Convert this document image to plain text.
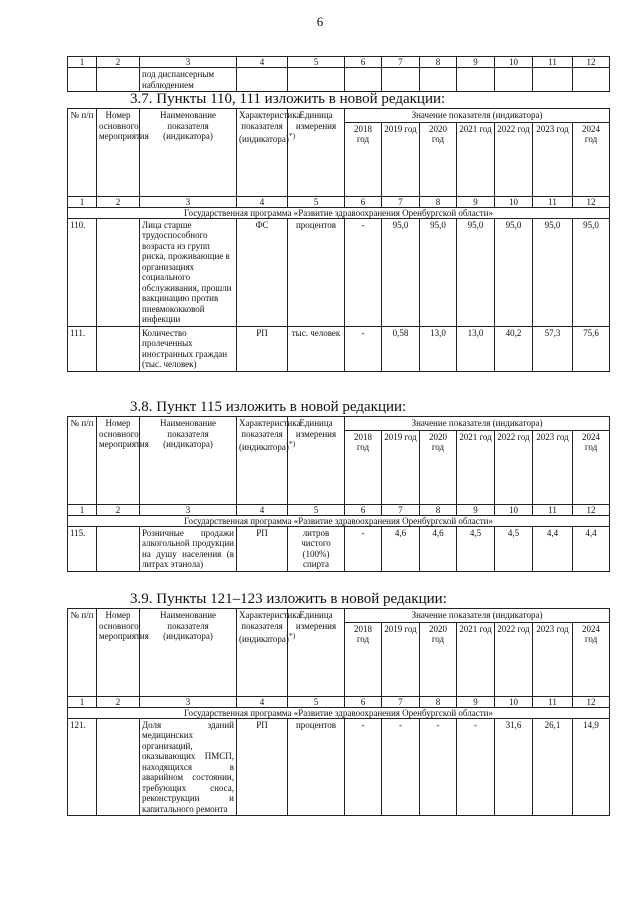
6
1	2	3	4	5	6	7	8	9	10	11	12
		под диспансерным наблюдением									
3.7. Пункты 110, 111 изложить в новой редакции:
№ п/п	Номер основного мероприятия	Наименование показателя (индикатора)	Характеристика показателя (индикатора)*)	Единица измерения	Значение показателя (индикатора)						
					2018 год	2019 год	2020 год	2021 год	2022 год	2023 год	2024 год
1	2	3	4	5	6	7	8	9	10	11	12
Государственная программа «Развитие здравоохранения Оренбургской области»											
110.		Лица старше трудоспособного возраста из групп риска, проживающие в организациях социального обслуживания, прошли вакцинацию против пневмококковой инфекции	ФС	процентов	-	95,0	95,0	95,0	95,0	95,0	95,0
111.		Количество пролеченных иностранных граждан (тыс. человек)	РП	тыс. человек	-	0,58	13,0	13,0	40,2	57,3	75,6
3.8. Пункт 115 изложить в новой редакции:
№ п/п	Номер основного мероприятия	Наименование показателя (индикатора)	Характеристика показателя (индикатора)*)	Единица измерения	Значение показателя (индикатора)						
					2018 год	2019 год	2020 год	2021 год	2022 год	2023 год	2024 год
1	2	3	4	5	6	7	8	9	10	11	12
Государственная программа «Развитие здравоохранения Оренбургской области»											
115.		Розничные продажи алкогольной продукции на душу населения (в литрах этанола)	РП	литров чистого (100%) спирта	-	4,6	4,6	4,5	4,5	4,4	4,4
3.9. Пункты 121–123 изложить в новой редакции:
№ п/п	Номер основного мероприятия	Наименование показателя (индикатора)	Характеристика показателя (индикатора)*)	Единица измерения	Значение показателя (индикатора)						
					2018 год	2019 год	2020 год	2021 год	2022 год	2023 год	2024 год
1	2	3	4	5	6	7	8	9	10	11	12
Государственная программа «Развитие здравоохранения Оренбургской области»											
121.		Доля зданий медицинских организаций, оказывающих ПМСП, находящихся в аварийном состоянии, требующих сноса, реконструкции и капитального ремонта	РП	процентов	-	-	-	-	31,6	26,1	14,9
